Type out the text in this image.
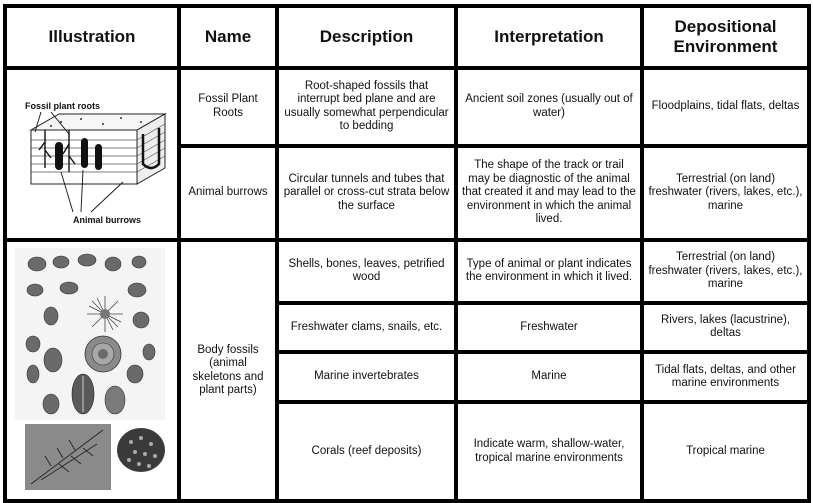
Illustration	Name	Description	Interpretation	Depositional Environment

Fossil plant roots
Animal burrows	Fossil Plant Roots	Root-shaped fossils that interrupt bed plane and are usually somewhat perpendicular to bedding	Ancient soil zones (usually out of water)	Floodplains, tidal flats, deltas
	Animal burrows	Circular tunnels and tubes that parallel or cross-cut strata below the surface	The shape of the track or trail may be diagnostic of the animal that created it and may lead to the environment in which the animal lived.	Terrestrial (on land) freshwater (rivers, lakes, etc.), marine

	Body fossils (animal skeletons and plant parts)	Shells, bones, leaves, petrified wood	Type of animal or plant indicates the environment in which it lived.	Terrestrial (on land) freshwater (rivers, lakes, etc.), marine
		Freshwater clams, snails, etc.	Freshwater	Rivers, lakes (lacustrine), deltas
		Marine invertebrates	Marine	Tidal flats, deltas, and other marine environments
		Corals (reef deposits)	Indicate warm, shallow-water, tropical marine environments	Tropical marine
